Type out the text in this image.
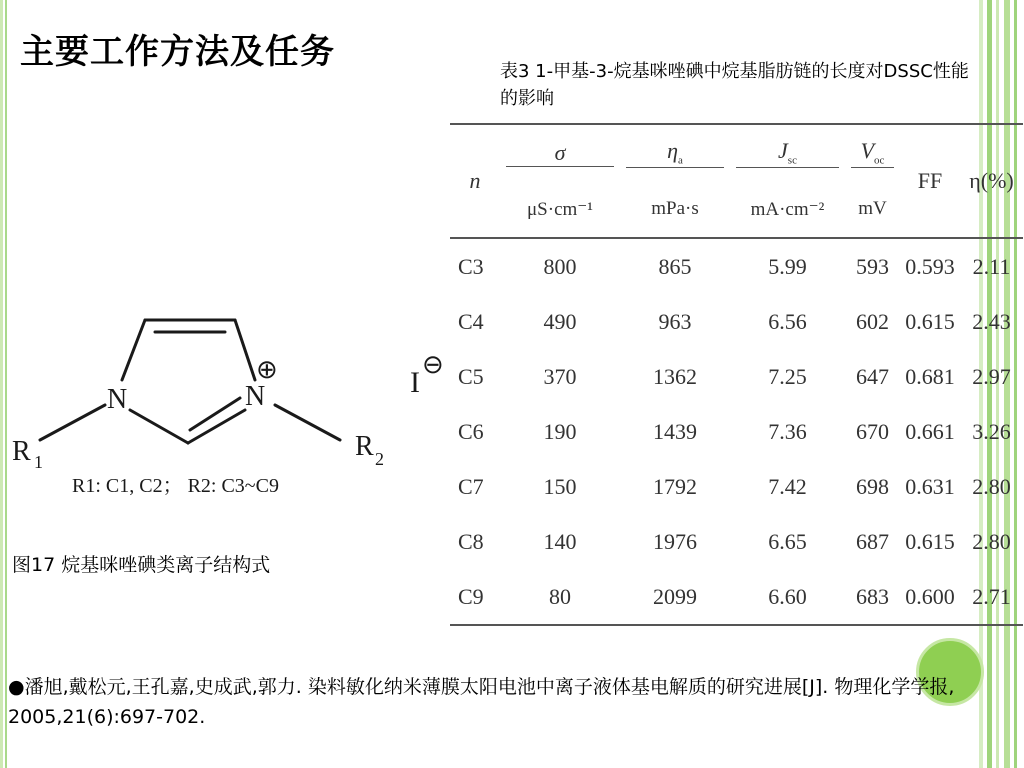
主要工作方法及任务	表3 1-甲基-3-烷基咪唑碘中烷基脂肪链的长度对DSSC性能的影响
N	N
⊕	I
⊖
R 1	R 2
R1: C1, C2； R2: C3~C9
图17 烷基咪唑碘类离子结构式
n	σ	$\eta_a$	$J_{sc}$	$V_{oc}$	FF	η(%)
	μS·cm⁻¹	mPa·s	mA·cm⁻²	mV		
C3	800	865	5.99	593	0.593	2.11
C4	490	963	6.56	602	0.615	2.43
C5	370	1362	7.25	647	0.681	2.97
C6	190	1439	7.36	670	0.661	3.26
C7	150	1792	7.42	698	0.631	2.80
C8	140	1976	6.65	687	0.615	2.80
C9	80	2099	6.60	683	0.600	2.71
●潘旭,戴松元,王孔嘉,史成武,郭力. 染料敏化纳米薄膜太阳电池中离子液体基电解质的研究进展[J]. 物理化学学报, 2005,21(6):697-702.
